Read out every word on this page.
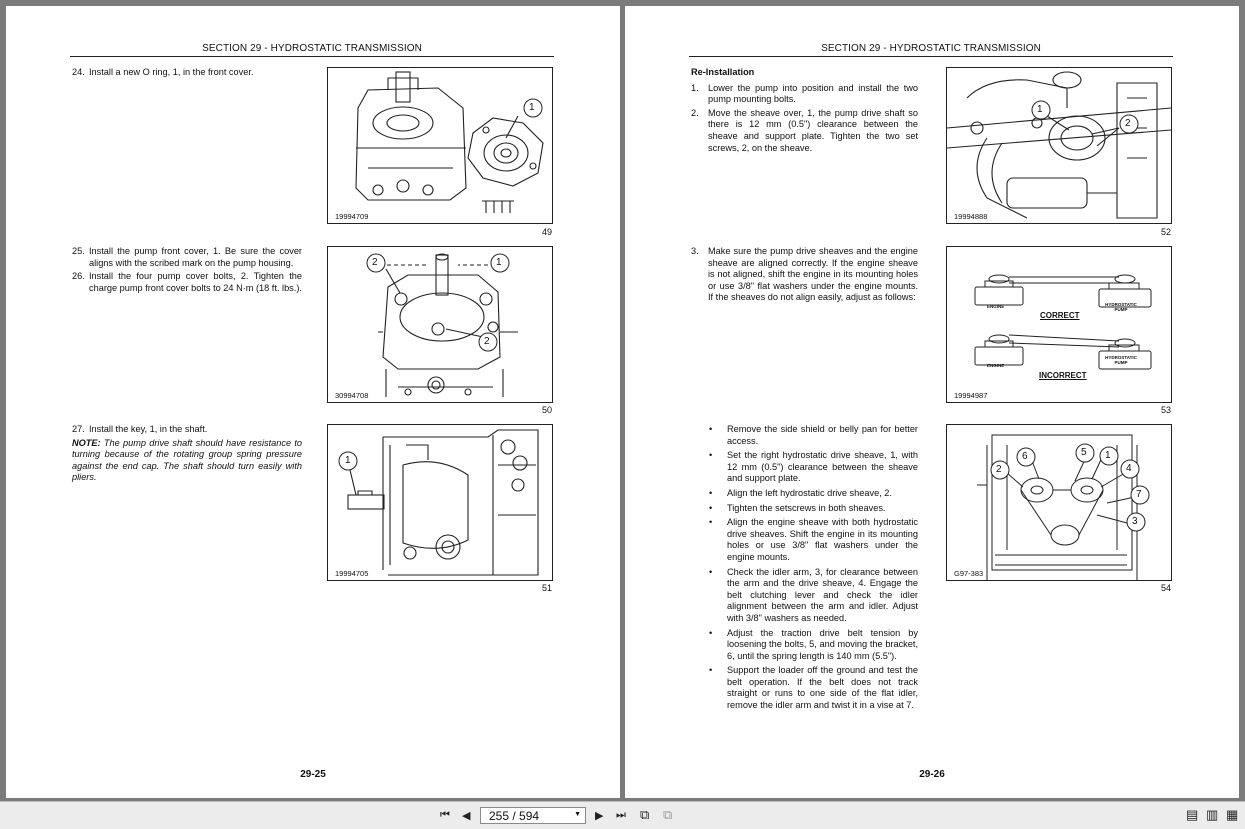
SECTION 29 - HYDROSTATIC TRANSMISSION

24. Install a new O ring, 1, in the front cover.

1
19994709
49

25. Install the pump front cover, 1. Be sure the cover aligns with the scribed mark on the pump housing.

26. Install the four pump cover bolts, 2. Tighten the charge pump front cover bolts to 24 N·m (18 ft. lbs.).

2	1
2
30994708
50

27. Install the key, 1, in the shaft.

NOTE: The pump drive shaft should have resistance to turning because of the rotating group spring pressure against the end cap. The shaft should turn easily with pliers.

1
19994705
51
29-25
SECTION 29 - HYDROSTATIC TRANSMISSION

Re-Installation

1.	Lower the pump into position and install the two pump mounting bolts.

2.	Move the sheave over, 1, the pump drive shaft so there is 12 mm (0.5") clearance between the sheave and support plate. Tighten the two set screws, 2, on the sheave.

1
2
19994888
52

3.	Make sure the pump drive sheaves and the engine sheave are aligned correctly. If the engine sheave is not aligned, shift the engine in its mounting holes or use 3/8" flat washers under the engine mounts. If the sheaves do not align easily, adjust as follows:

ENGINE
ENGINE
HYDROSTATIC
PUMP
HYDROSTATIC
PUMP
CORRECT
INCORRECT
19994987
53

•	Remove the side shield or belly pan for better access.

•	Set the right hydrostatic drive sheave, 1, with 12 mm (0.5") clearance between the sheave and support plate.

•	Align the left hydrostatic drive sheave, 2.

•	Tighten the setscrews in both sheaves.

•	Align the engine sheave with both hydrostatic drive sheaves. Shift the engine in its mounting holes or use 3/8" flat washers under the engine mounts.

•	Check the idler arm, 3, for clearance between the arm and the drive sheave, 4. Engage the belt clutching lever and check the idler alignment between the arm and idler. Adjust with 3/8" washers as needed.

•	Adjust the traction drive belt tension by loosening the bolts, 5, and moving the bracket, 6, until the spring length is 140 mm (5.5").

•	Support the loader off the ground and test the belt operation. If the belt does not track straight or runs to one side of the flat idler, remove the idler arm and twist it in a vise at 7.

6	5 1
2	4
7
3
G97-383
54
29-26
⏮ ◀ 255 / 594	▼ ▶ ⏭ ⧉ ⧉	▤ ▥ ▦
